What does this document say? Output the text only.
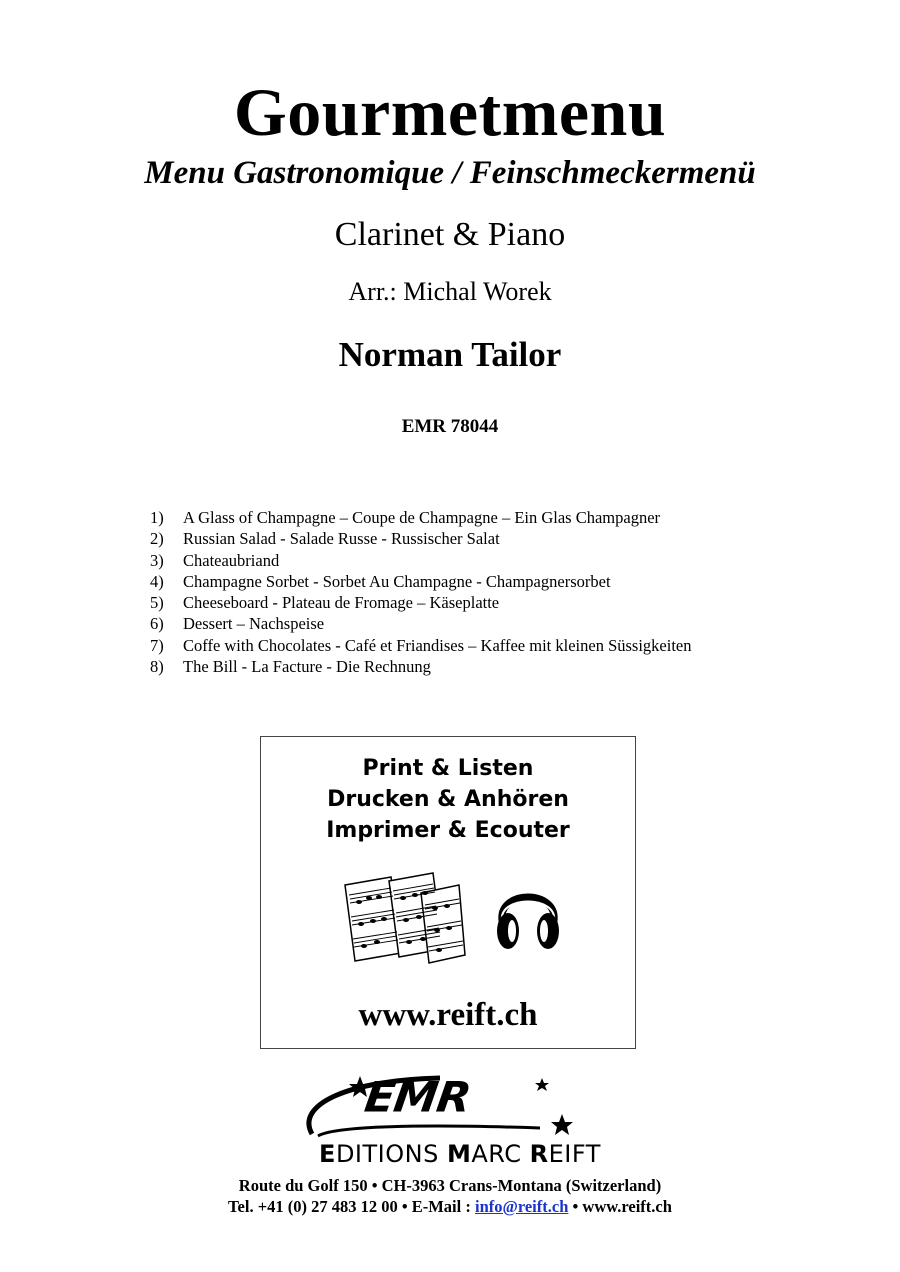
Gourmetmenu
Menu Gastronomique / Feinschmeckermenü
Clarinet & Piano
Arr.: Michal Worek
Norman Tailor
EMR 78044
1)	A Glass of Champagne – Coupe de Champagne – Ein Glas Champagner
2)	Russian Salad - Salade Russe - Russischer Salat
3)	Chateaubriand
4)	Champagne Sorbet - Sorbet Au Champagne - Champagnersorbet
5)	Cheeseboard - Plateau de Fromage – Käseplatte
6)	Dessert – Nachspeise
7)	Coffe with Chocolates - Café et Friandises – Kaffee mit kleinen Süssigkeiten
8)	The Bill - La Facture - Die Rechnung
Print & Listen
Drucken & Anhören
Imprimer & Ecouter
www.reift.ch
EMR
EDITIONS MARC REIFT
Route du Golf 150 • CH-3963 Crans-Montana (Switzerland)
Tel. +41 (0) 27 483 12 00 • E-Mail : info@reift.ch • www.reift.ch
